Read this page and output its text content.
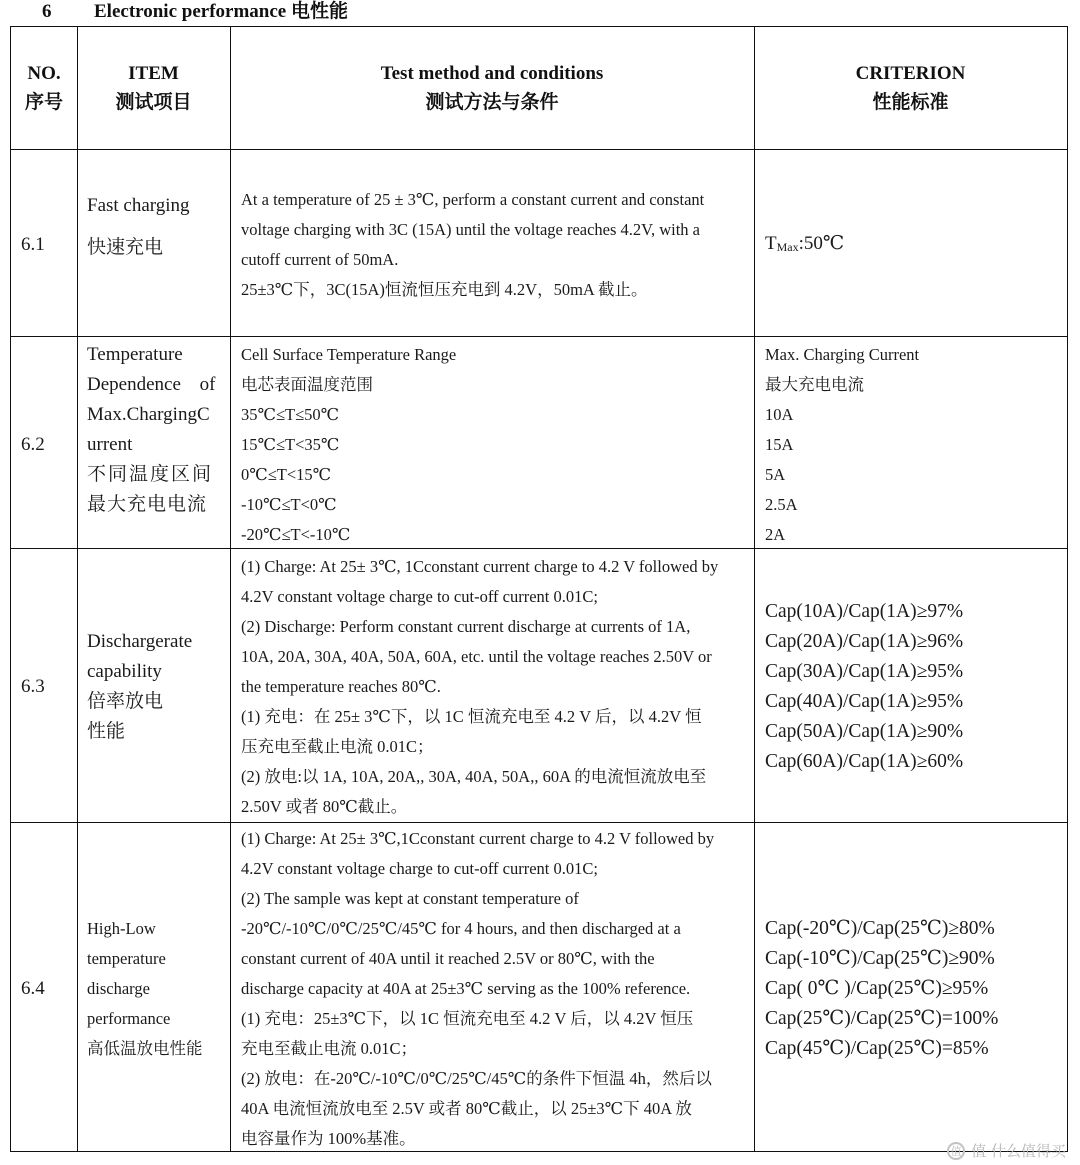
6 Electronic performance 电性能
NO.
序号
ITEM
测试项目
Test method and conditions
测试方法与条件
CRITERION
性能标准
6.1
Fast charging
快速充电
At a temperature of 25 ± 3℃, perform a constant current and constant
voltage charging with 3C (15A) until the voltage reaches 4.2V, with a
cutoff current of 50mA.
25±3℃下，3C(15A)恒流恒压充电到 4.2V，50mA 截止。
$T_{Max}:50℃$
6.2
Temperature
Dependence of
Max.ChargingC
urrent
不同温度区间
最大充电电流
Cell Surface Temperature Range
电芯表面温度范围
35℃≤T≤50℃
15℃≤T<35℃
0℃≤T<15℃
-10℃≤T<0℃
-20℃≤T<-10℃
Max. Charging Current
最大充电电流
10A
15A
5A
2.5A
2A
6.3
Dischargerate
capability
倍率放电
性能
(1) Charge: At 25± 3℃, 1Cconstant current charge to 4.2 V followed by
4.2V constant voltage charge to cut-off current 0.01C;
(2) Discharge: Perform constant current discharge at currents of 1A,
10A, 20A, 30A, 40A, 50A, 60A, etc. until the voltage reaches 2.50V or
the temperature reaches 80℃.
(1) 充电：在 25± 3℃下，以 1C 恒流充电至 4.2 V 后，以 4.2V 恒
压充电至截止电流 0.01C；
(2) 放电:以 1A, 10A, 20A,, 30A, 40A, 50A,, 60A 的电流恒流放电至
2.50V 或者 80℃截止。
Cap(10A)/Cap(1A)≥97%
Cap(20A)/Cap(1A)≥96%
Cap(30A)/Cap(1A)≥95%
Cap(40A)/Cap(1A)≥95%
Cap(50A)/Cap(1A)≥90%
Cap(60A)/Cap(1A)≥60%
6.4
High-Low
temperature
discharge
performance
高低温放电性能
(1) Charge: At 25± 3℃,1Cconstant current charge to 4.2 V followed by
4.2V constant voltage charge to cut-off current 0.01C;
(2) The sample was kept at constant temperature of
-20℃/-10℃/0℃/25℃/45℃ for 4 hours, and then discharged at a
constant current of 40A until it reached 2.5V or 80℃, with the
discharge capacity at 40A at 25±3℃ serving as the 100% reference.
(1) 充电：25±3℃下，以 1C 恒流充电至 4.2 V 后，以 4.2V 恒压
充电至截止电流 0.01C；
(2) 放电：在-20℃/-10℃/0℃/25℃/45℃的条件下恒温 4h，然后以
40A 电流恒流放电至 2.5V 或者 80℃截止，以 25±3℃下 40A 放
电容量作为 100%基准。
Cap(-20℃)/Cap(25℃)≥80%
Cap(-10℃)/Cap(25℃)≥90%
Cap( 0℃ )/Cap(25℃)≥95%
Cap(25℃)/Cap(25℃)=100%
Cap(45℃)/Cap(25℃)=85%
值 值 什么值得买
